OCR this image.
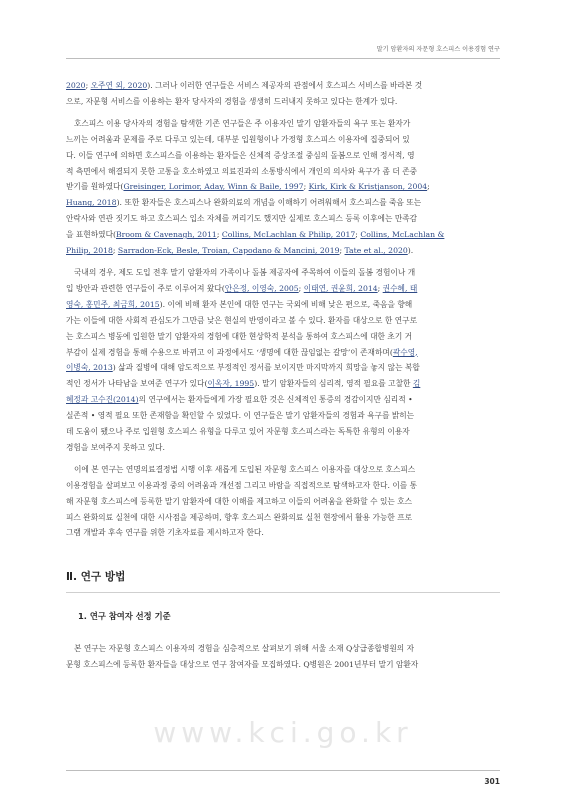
말기 암환자의 자문형 호스피스 이용경험 연구
2020; 오주연 외, 2020). 그러나 이러한 연구들은 서비스 제공자의 관점에서 호스피스 서비스를 바라본 것
으로, 자문형 서비스를 이용하는 환자 당사자의 경험을 생생히 드러내지 못하고 있다는 한계가 있다.
호스피스 이용 당사자의 경험을 탐색한 기존 연구들은 주 이용자인 말기 암환자들의 욕구 또는 환자가
느끼는 어려움과 문제를 주로 다루고 있는데, 대부분 입원형이나 가정형 호스피스 이용자에 집중되어 있
다. 이들 연구에 의하면 호스피스를 이용하는 환자들은 신체적 증상조절 중심의 돌봄으로 인해 정서적, 영
적 측면에서 해결되지 못한 고통을 호소하였고 의료진과의 소통방식에서 개인의 의사와 욕구가 좀 더 존중
받기를 원하였다(Greisinger, Lorimor, Aday, Winn & Baile, 1997; Kirk, Kirk & Kristjanson, 2004;
Huang, 2018). 또한 환자들은 호스피스나 완화의료의 개념을 이해하기 어려워해서 호스피스를 죽음 또는
안락사와 연관 짓기도 하고 호스피스 입소 자체를 꺼리기도 했지만 실제로 호스피스 등록 이후에는 만족감
을 표현하였다(Broom & Cavenagh, 2011; Collins, McLachlan & Philip, 2017; Collins, McLachlan &
Philip, 2018; Sarradon-Eck, Besle, Troian, Capodano & Mancini, 2019; Tate et al., 2020).
국내의 경우, 제도 도입 전후 말기 암환자의 가족이나 돌봄 제공자에 주목하여 이들의 돌봄 경험이나 개
입 방안과 관련한 연구들이 주로 이루어져 왔다(안은정, 이영숙, 2005; 이태연, 권윤희, 2014; 권수혜, 태
영숙, 홍민주, 최금희, 2015). 이에 비해 환자 본인에 대한 연구는 국외에 비해 낮은 편으로, 죽음을 향해
가는 이들에 대한 사회적 관심도가 그만큼 낮은 현실의 반영이라고 볼 수 있다. 환자를 대상으로 한 연구로
는 호스피스 병동에 입원한 말기 암환자의 경험에 대한 현상학적 분석을 통하여 호스피스에 대한 초기 거
부감이 실제 경험을 통해 수용으로 바뀌고 이 과정에서도 ‘생명에 대한 끊임없는 갈망’이 존재하며(곽수영,
이병숙, 2013) 삶과 질병에 대해 암도적으로 부정적인 정서를 보이지만 마지막까지 희망을 놓지 않는 복합
적인 정서가 나타남을 보여준 연구가 있다(이옥자, 1995). 말기 암환자들의 심리적, 영적 필요를 고찰한 김
혜정과 고수진(2014)의 연구에서는 환자들에게 가장 필요한 것은 신체적인 통증의 경감이지만 심리적 •
실존적 • 영적 필요 또한 존재함을 확인할 수 있었다. 이 연구들은 말기 암환자들의 경험과 욕구를 밝히는
데 도움이 됐으나 주로 입원형 호스피스 유형을 다루고 있어 자문형 호스피스라는 독특한 유형의 이용자
경험을 보여주지 못하고 있다.
이에 본 연구는 연명의료결정법 시행 이후 새롭게 도입된 자문형 호스피스 이용자를 대상으로 호스피스
이용경험을 살펴보고 이용과정 중의 어려움과 개선점 그리고 바람을 직접적으로 탐색하고자 한다. 이를 통
해 자문형 호스피스에 등록한 말기 암환자에 대한 이해를 제고하고 이들의 어려움을 완화할 수 있는 호스
피스 완화의료 실천에 대한 시사점을 제공하며, 향후 호스피스 완화의료 실천 현장에서 활용 가능한 프로
그램 개발과 후속 연구를 위한 기초자료를 제시하고자 한다.
Ⅱ. 연구 방법
1. 연구 참여자 선정 기준
본 연구는 자문형 호스피스 이용자의 경험을 심층적으로 살펴보기 위해 서울 소재 Q상급종합병원의 자
문형 호스피스에 등록한 환자들을 대상으로 연구 참여자를 모집하였다. Q병원은 2001년부터 말기 암환자
www.kci.go.kr
301
